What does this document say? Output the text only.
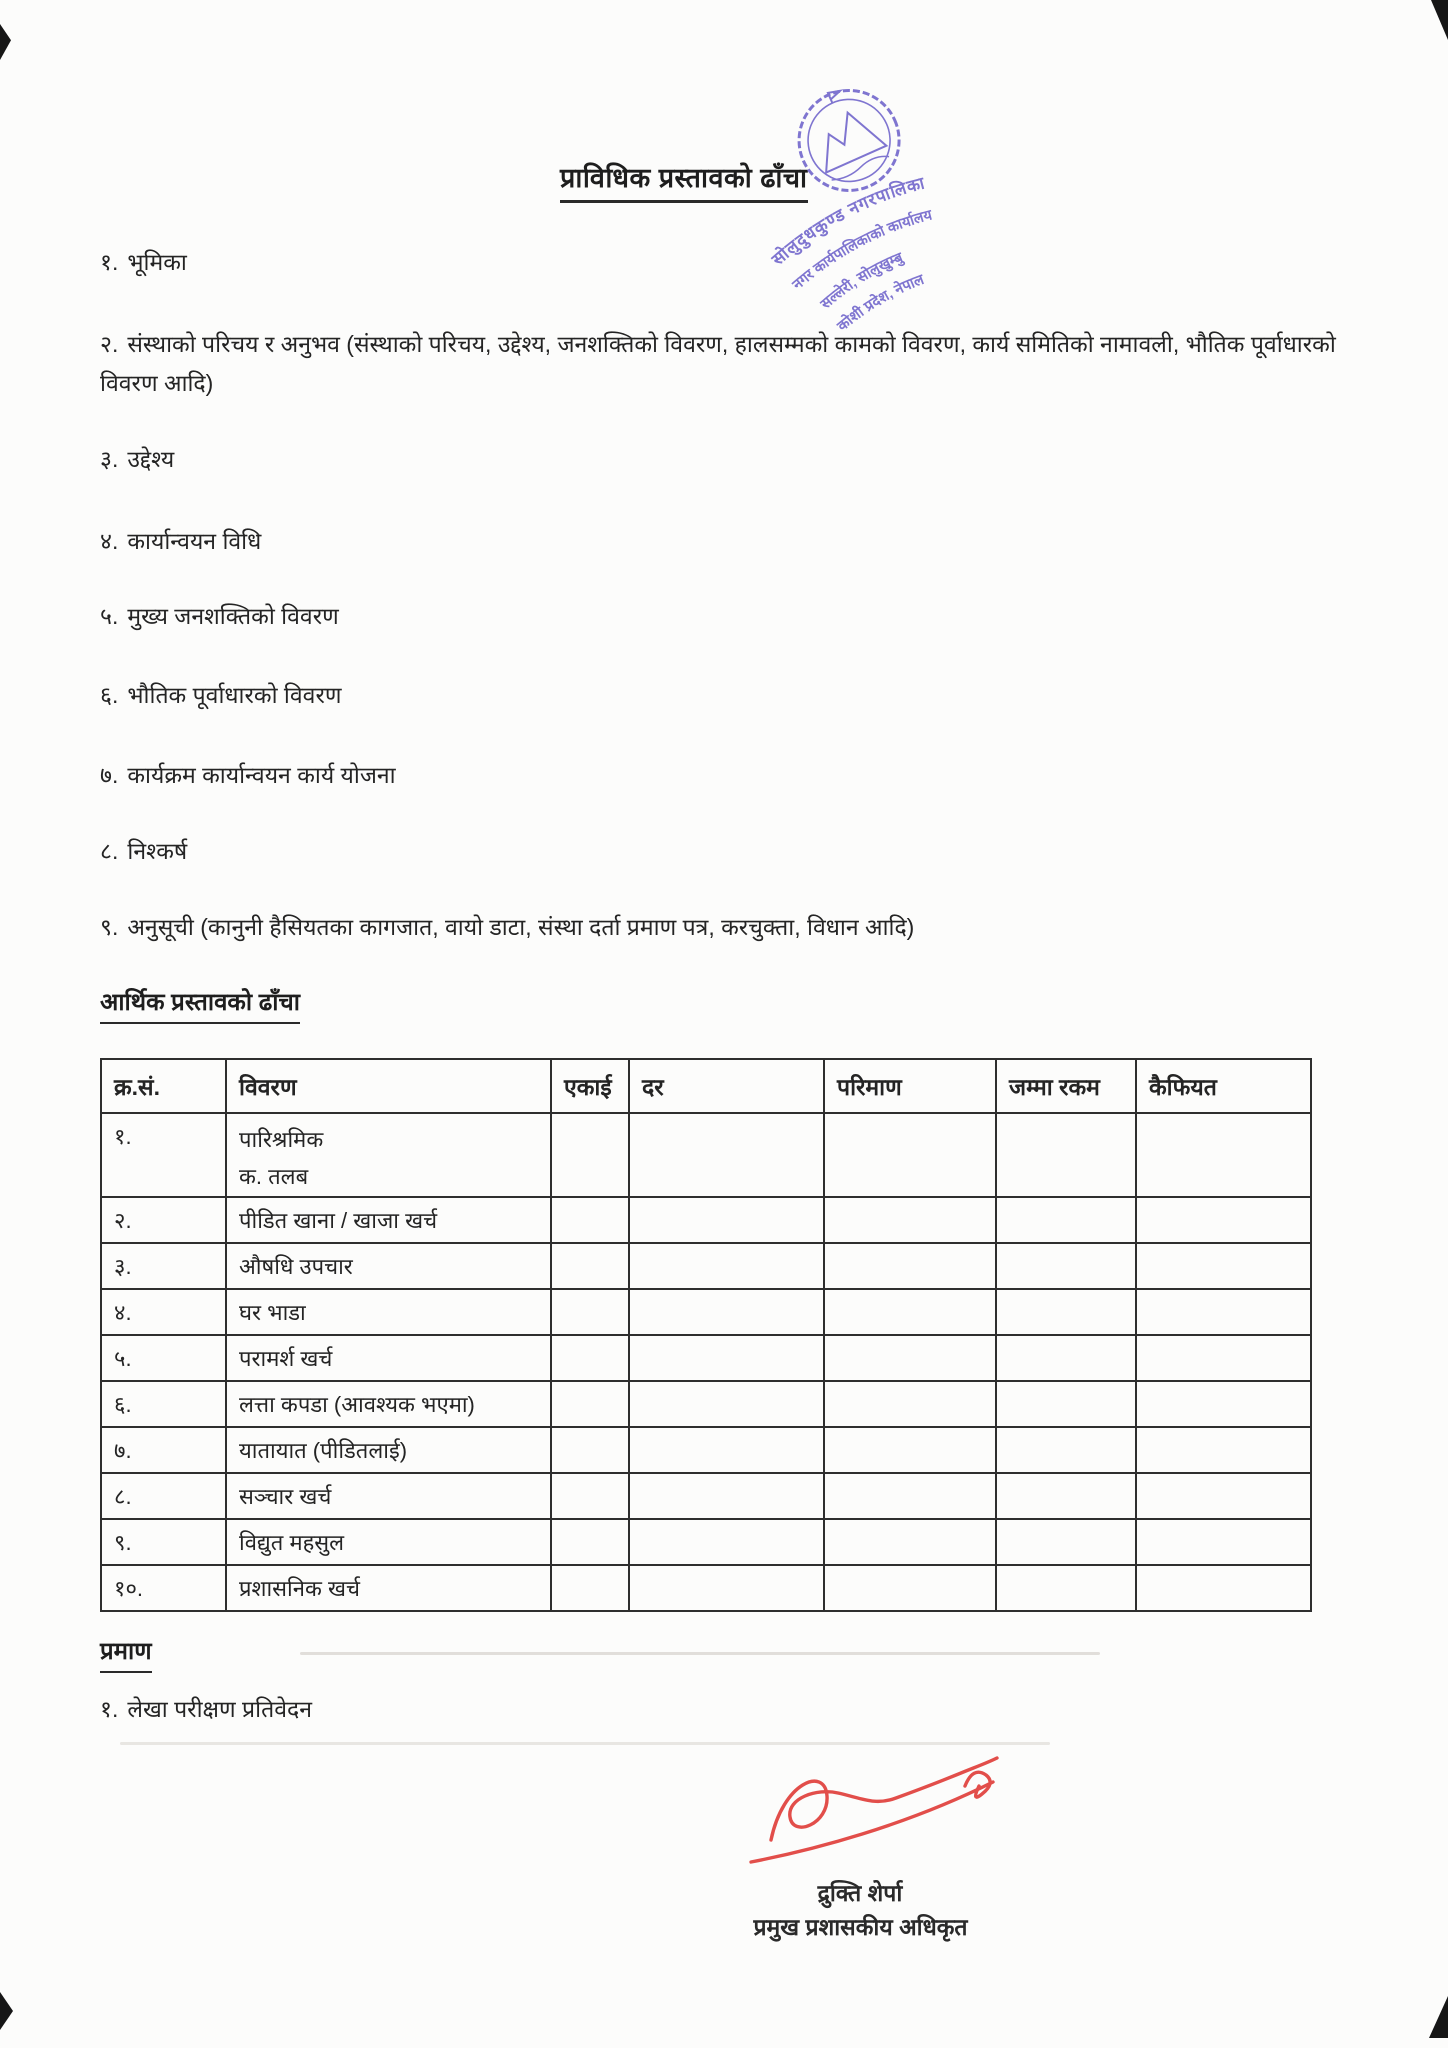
प्राविधिक प्रस्तावको ढाँचा
सोलुदुधकुण्ड नगरपालिका
नगर कार्यपालिकाको कार्यालय
सल्लेरी, सोलुखुम्बु
कोशी प्रदेश, नेपाल
१. भूमिका
२. संस्थाको परिचय र अनुभव (संस्थाको परिचय, उद्देश्य, जनशक्तिको विवरण, हालसम्मको कामको विवरण, कार्य समितिको नामावली, भौतिक पूर्वाधारको विवरण आदि)
३. उद्देश्य
४. कार्यान्वयन विधि
५. मुख्य जनशक्तिको विवरण
६. भौतिक पूर्वाधारको विवरण
७. कार्यक्रम कार्यान्वयन कार्य योजना
८. निश्कर्ष
९. अनुसूची (कानुनी हैसियतका कागजात, वायो डाटा, संस्था दर्ता प्रमाण पत्र, करचुक्ता, विधान आदि)
आर्थिक प्रस्तावको ढाँचा
क्र.सं.	विवरण	एकाई	दर	परिमाण	जम्मा रकम	कैफियत
१.	पारिश्रमिक
क. तलब					

२.	पीडित खाना / खाजा खर्च					
३.	औषधि उपचार					
४.	घर भाडा					
५.	परामर्श खर्च					
६.	लत्ता कपडा (आवश्यक भएमा)					
७.	यातायात (पीडितलाई)					
८.	सञ्चार खर्च					
९.	विद्युत महसुल					
१०.	प्रशासनिक खर्च					
प्रमाण
१. लेखा परीक्षण प्रतिवेदन
द्रुक्ति शेर्पा
प्रमुख प्रशासकीय अधिकृत
